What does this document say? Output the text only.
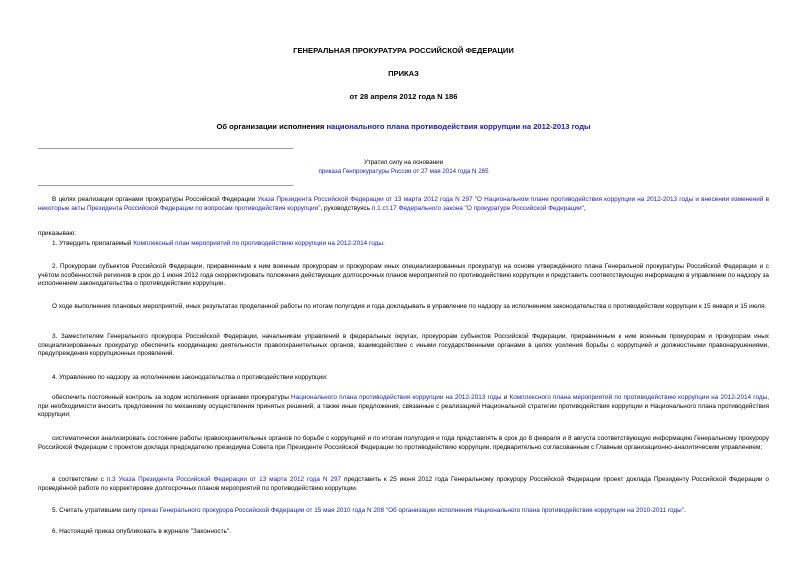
ГЕНЕРАЛЬНАЯ ПРОКУРАТУРА РОССИЙСКОЙ ФЕДЕРАЦИИ
ПРИКАЗ
от 28 апреля 2012 года N 186
Об организации исполнения национального плана противодействия коррупции на 2012-2013 годы
Утратил силу на основании
приказа Генпрокуратуры России от 27 мая 2014 года N 285
В целях реализации органами прокуратуры Российской Федерации Указа Президента Российской Федерации от 13 марта 2012 года N 297 "О Национальном плане противодействия коррупции на 2012-2013 годы и внесении изменений в некоторые акты Президента Российской Федерации по вопросам противодействия коррупции", руководствуясь п.1 ст.17 Федерального закона "О прокуратуре Российской Федерации",
приказываю:
1. Утвердить прилагаемый Комплексный план мероприятий по противодействию коррупции на 2012-2014 годы.
2. Прокурорам субъектов Российской Федерации, приравненным к ним военным прокурорам и прокурорам иных специализированных прокуратур на основе утверждённого плана Генеральной прокуратуры Российской Федерации и с учётом особенностей регионов в срок до 1 июня 2012 года скорректировать положения действующих долгосрочных планов мероприятий по противодействию коррупции и представить соответствующую информацию в управление по надзору за исполнением законодательства о противодействии коррупции.
О ходе выполнения плановых мероприятий, иных результатах проделанной работы по итогам полугодия и года докладывать в управление по надзору за исполнением законодательства о противодействии коррупции к 15 января и 15 июля.
3. Заместителям Генерального прокурора Российской Федерации, начальникам управлений в федеральных округах, прокурорам субъектов Российской Федерации, приравненным к ним военным прокурорам и прокурорам иных специализированных прокуратур обеспечить координацию деятельности правоохранительных органов, взаимодействие с иными государственными органами в целях усиления борьбы с коррупцией и должностными правонарушениями, предупреждения коррупционных проявлений.
4. Управлению по надзору за исполнением законодательства о противодействии коррупции:
обеспечить постоянный контроль за ходом исполнения органами прокуратуры Национального плана противодействия коррупции на 2012-2013 годы и Комплексного плана мероприятий по противодействию коррупции на 2012-2014 годы, при необходимости вносить предложения по механизму осуществления принятых решений, а также иные предложения, связанные с реализацией Национальной стратегии противодействия коррупции и Национального плана противодействия коррупции;
систематически анализировать состояние работы правоохранительных органов по борьбе с коррупцией и по итогам полугодия и года представлять в срок до 8 февраля и 8 августа соответствующую информацию Генеральному прокурору Российской Федерации с проектом доклада председателю президиума Совета при Президенте Российской Федерации по противодействию коррупции, предварительно согласованным с Главным организационно-аналитическим управлением;
в соответствии с п.3 Указа Президента Российской Федерации от 13 марта 2012 года N 297 представить к 25 июня 2012 года Генеральному прокурору Российской Федерации проект доклада Президенту Российской Федерации о проведённой работе по корректировке долгосрочных планов мероприятий по противодействию коррупции.
5. Считать утратившим силу приказ Генерального прокурора Российской Федерации от 15 мая 2010 года N 208 "Об организации исполнения Национального плана противодействия коррупции на 2010-2011 годы".
6. Настоящий приказ опубликовать в журнале "Законность".
